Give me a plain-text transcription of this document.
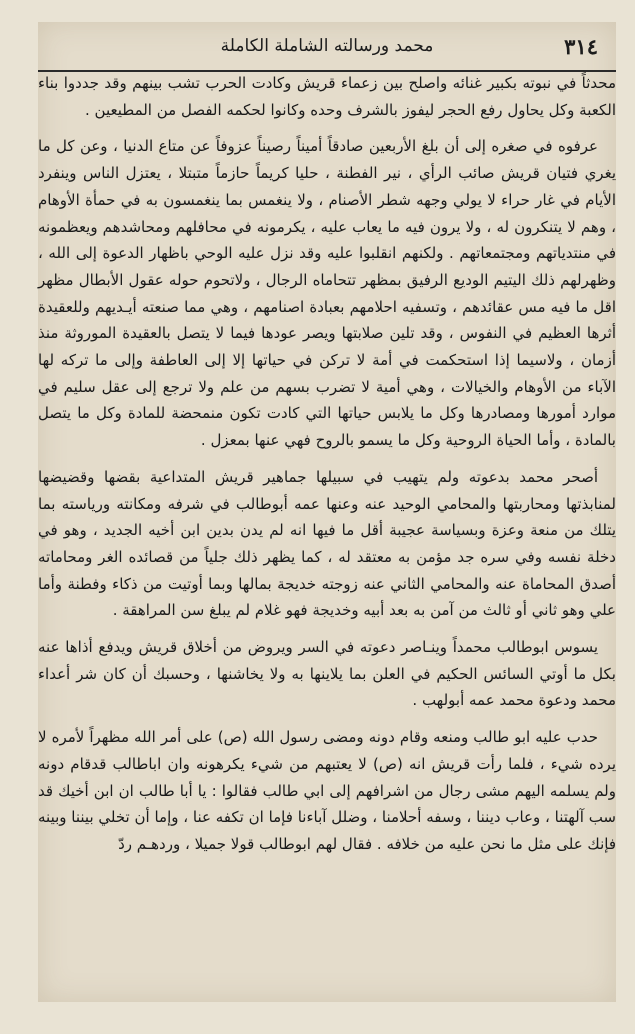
٣١٤
محمد ورسالته الشاملة الكاملة

محدثاً في نبوته بكبير غنائه واصلح بين زعماء قريش وكادت الحرب تشب بينهم وقد جددوا بناء الكعبة وكل يحاول رفع الحجر ليفوز بالشرف وحده وكانوا لحكمه الفصل من المطيعين .

عرفوه في صغره إلى أن بلغ الأربعين صادقاً أميناً رصيناً عزوفاً عن متاع الدنيا ، وعن كل ما يغري فتيان قريش صائب الرأي ، نير الفطنة ، حليا كريماً حازماً متبتلا ، يعتزل الناس وينفرد الأيام في غار حراء لا يولي وجهه شطر الأصنام ، ولا ينغمس بما ينغمسون به في حمأة الأوهام ، وهم لا يتنكرون له ، ولا يرون فيه ما يعاب عليه ، يكرمونه في محافلهم ومحاشدهم ويعظمونه في منتدياتهم ومجتمعاتهم . ولكنهم انقلبوا عليه وقد نزل عليه الوحي باظهار الدعوة إلى الله ، وظهرلهم ذلك اليتيم الوديع الرفيق بمظهر تتحاماه الرجال ، ولاتحوم حوله عقول الأبطال مظهر اقل ما فيه مس عقائدهم ، وتسفيه احلامهم بعبادة اصنامهم ، وهي مما صنعته أيـديهم وللعقيدة أثرها العظيم في النفوس ، وقد تلين صلابتها ويصر عودها فيما لا يتصل بالعقيدة الموروثة منذ أزمان ، ولاسيما إذا استحكمت في أمة لا تركن في حياتها إلا إلى العاطفة وإلى ما تركه لها الآباء من الأوهام والخيالات ، وهي أمية لا تضرب بسهم من علم ولا ترجع إلى عقل سليم في موارد أمورها ومصادرها وكل ما يلابس حياتها التي كادت تكون منمحضة للمادة وكل ما يتصل بالمادة ، وأما الحياة الروحية وكل ما يسمو بالروح فهي عنها بمعزل .

أصحر محمد بدعوته ولم يتهيب في سبيلها جماهير قريش المتداعية بقضها وقضيضها لمنابذتها ومحاربتها والمحامي الوحيد عنه وعنها عمه أبوطالب في شرفه ومكانته ورياسته بما يتلك من منعة وعزة وبسياسة عجيبة أقل ما فيها انه لم يدن بدين ابن أخيه الجديد ، وهو في دخلة نفسه وفي سره جد مؤمن به معتقد له ، كما يظهر ذلك جلياً من قصائده الغر ومحاماته أصدق المحاماة عنه والمحامي الثاني عنه زوجته خديجة بمالها وبما أوتيت من ذكاء وفطنة وأما علي وهو ثاني أو ثالث من آمن به بعد أبيه وخديجة فهو غلام لم يبلغ سن المراهقة .

يسوس ابوطالب محمداً وينـاصر دعوته في السر ويروض من أخلاق قريش ويدفع أذاها عنه بكل ما أوتي السائس الحكيم في العلن بما يلاينها به ولا يخاشنها ، وحسبك أن كان شر أعداء محمد ودعوة محمد عمه أبولهب .

حدب عليه ابو طالب ومنعه وقام دونه ومضى رسول الله (ص) على أمر الله مظهراً لأمره لا يرده شيء ، فلما رأت قريش انه (ص) لا يعتبهم من شيء يكرهونه وان اباطالب قدقام دونه ولم يسلمه اليهم مشى رجال من اشرافهم إلى ابي طالب فقالوا : يا أبا طالب ان ابن أخيك قد سب آلهتنا ، وعاب ديننا ، وسفه أحلامنا ، وضلل آباءنا فإما ان تكفه عنا ، وإما أن تخلي بيننا وبينه فإنك على مثل ما نحن عليه من خلافه . فقال لهم ابوطالب قولا جميلا ، وردهـم ردّ
